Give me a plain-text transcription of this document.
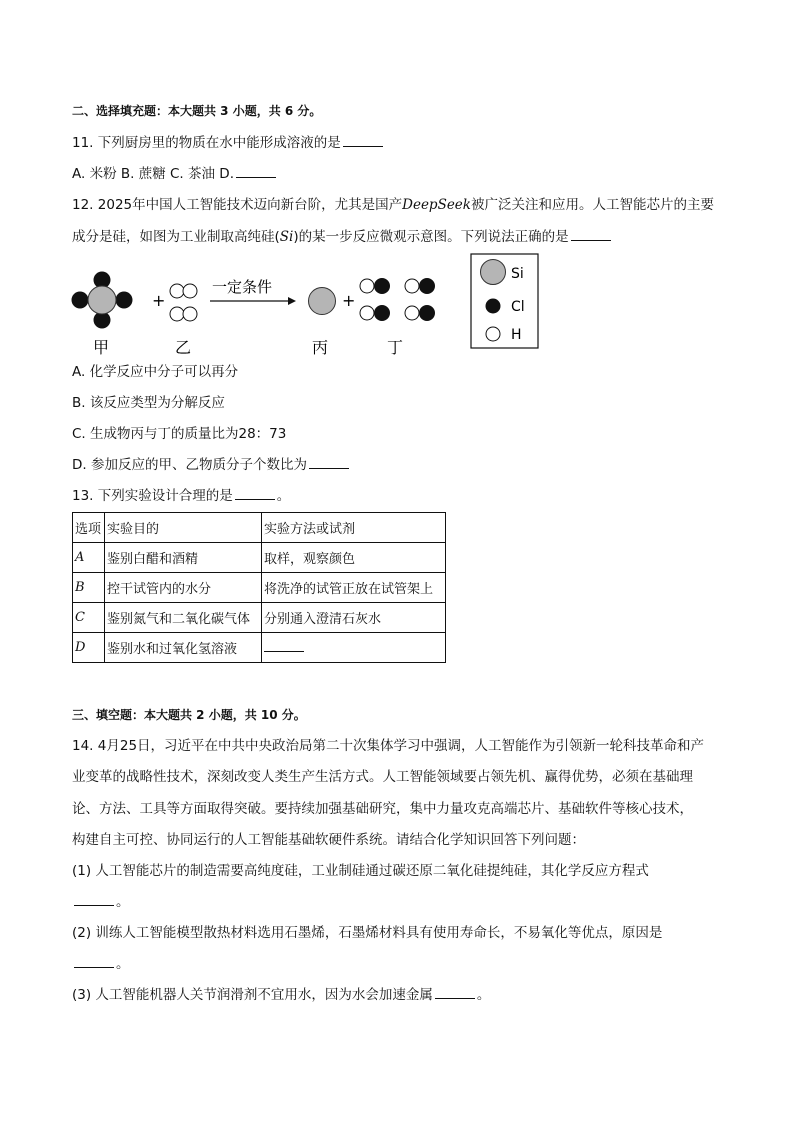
二、选择填充题：本大题共 3 小题，共 6 分。
11. 下列厨房里的物质在水中能形成溶液的是
A. 米粉 B. 蔗糖 C. 茶油 D.
12. 2025年中国人工智能技术迈向新台阶，尤其是国产DeepSeek被广泛关注和应用。人工智能芯片的主要
成分是硅，如图为工业制取高纯硅(Si)的某一步反应微观示意图。下列说法正确的是
+
一定条件
+
甲	乙	丙	丁
Si
Cl
H
A. 化学反应中分子可以再分
B. 该反应类型为分解反应
C. 生成物丙与丁的质量比为28：73
D. 参加反应的甲、乙物质分子个数比为
13. 下列实验设计合理的是	。
选项	实验目的	实验方法或试剂
A	鉴别白醋和酒精	取样，观察颜色
B	控干试管内的水分	将洗净的试管正放在试管架上
C	鉴别氮气和二氧化碳气体	分别通入澄清石灰水
D	鉴别水和过氧化氢溶液	
三、填空题：本大题共 2 小题，共 10 分。
14. 4月25日，习近平在中共中央政治局第二十次集体学习中强调，人工智能作为引领新一轮科技革命和产
业变革的战略性技术，深刻改变人类生产生活方式。人工智能领域要占领先机、赢得优势，必须在基础理
论、方法、工具等方面取得突破。要持续加强基础研究，集中力量攻克高端芯片、基础软件等核心技术，
构建自主可控、协同运行的人工智能基础软硬件系统。请结合化学知识回答下列问题：
(1) 人工智能芯片的制造需要高纯度硅，工业制硅通过碳还原二氧化硅提纯硅，其化学反应方程式
。
(2) 训练人工智能模型散热材料选用石墨烯，石墨烯材料具有使用寿命长，不易氧化等优点，原因是
。
(3) 人工智能机器人关节润滑剂不宜用水，因为水会加速金属	。
